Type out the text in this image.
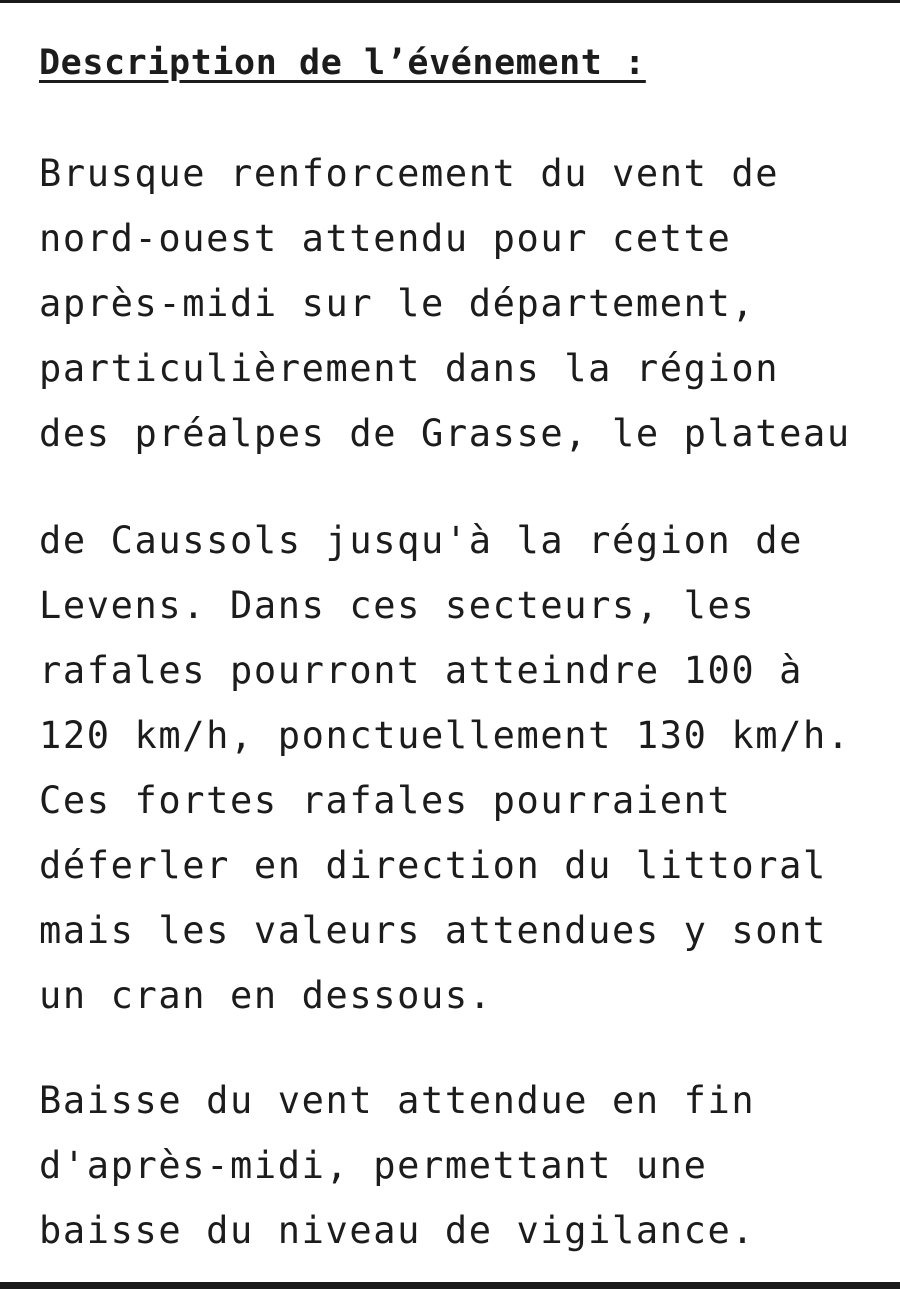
Description de l’événement :

Brusque renforcement du vent de
nord-ouest attendu pour cette
après-midi sur le département,
particulièrement dans la région
des préalpes de Grasse, le plateau

de Caussols jusqu'à la région de
Levens. Dans ces secteurs, les
rafales pourront atteindre 100 à
120 km/h, ponctuellement 130 km/h.
Ces fortes rafales pourraient
déferler en direction du littoral
mais les valeurs attendues y sont
un cran en dessous.

Baisse du vent attendue en fin
d'après-midi, permettant une
baisse du niveau de vigilance.
